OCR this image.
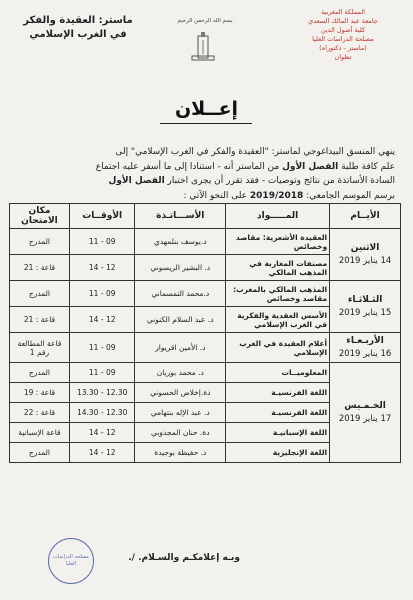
المملكة المغربية
جامعة عبد المالك السعدي
كلية أصول الدين
مصلحة الدراسات العليا
(ماستر - دكتوراه)
تطوان
بسم الله الرحمن الرحيم
ماستر: العقيدة والفكر
في الغرب الإسلامي
إعــلان
ينهي المنسق البيداغوجي لماستر: "العقيدة والفكر في الغرب الإسلامي" إلى
علم كافة طلبة الفصل الأول من الماستر أنه - استنادا إلى ما أسفر عليه اجتماع
السادة الأساتذة من نتائج وتوصيات - فقد تقرر أن يجرى اختبار الفصل الأول
برسم الموسم الجامعي: 2019/2018 على النحو الآتي :
الأيــام	المـــــواد	الأســـاتـذة	الأوقــات	مكان الامتحان

الاثنين
14 يناير 2019	العقيدة الأشعرية: مقاصد وخصائص	د.يوسف بنلمهدي	09 - 11	المدرج
	مصنفات المغاربة في المذهب المالكي	د. البشير الريسوني	12 - 14	قاعة : 21

الثـلاثـاء
15 يناير 2019	المذهب المالكي بالمغرب: مقاصد وخصائص	د.محمد التمسماني	09 - 11	المدرج
	الأسس العقدية والفكرية في الغرب الإسلامي	د. عبد السلام الكنوني	12 - 14	قاعة : 21

الأربـعـاء
16 يناير 2019	أعلام العقيدة في الغرب الإسلامي	د. الأمين اقريوار	09 - 11	قاعة المطالعة رقم 1

الخـمـيس
17 يناير 2019	المعلوميــات	د. محمد بوزيان	09 - 11	المدرج
	اللغة الفرنسيـة	دة.إخلاص الحسوني	12.30 - 13.30	قاعة : 19
	اللغة الفرنسيـة	د. عبد الإله بنتهامي	12.30 - 14.30	قاعة : 22
	اللغة الإسبانيـة	دة. حنان المجدوبي	12 - 14	قاعة الإسبانية
	اللغة الإنجليزية	د. حفيظة بوجيدة	12 - 14	المدرج
وبـه إعلامكـم والسـلام. /.
مصلحة الدراسات العليا
